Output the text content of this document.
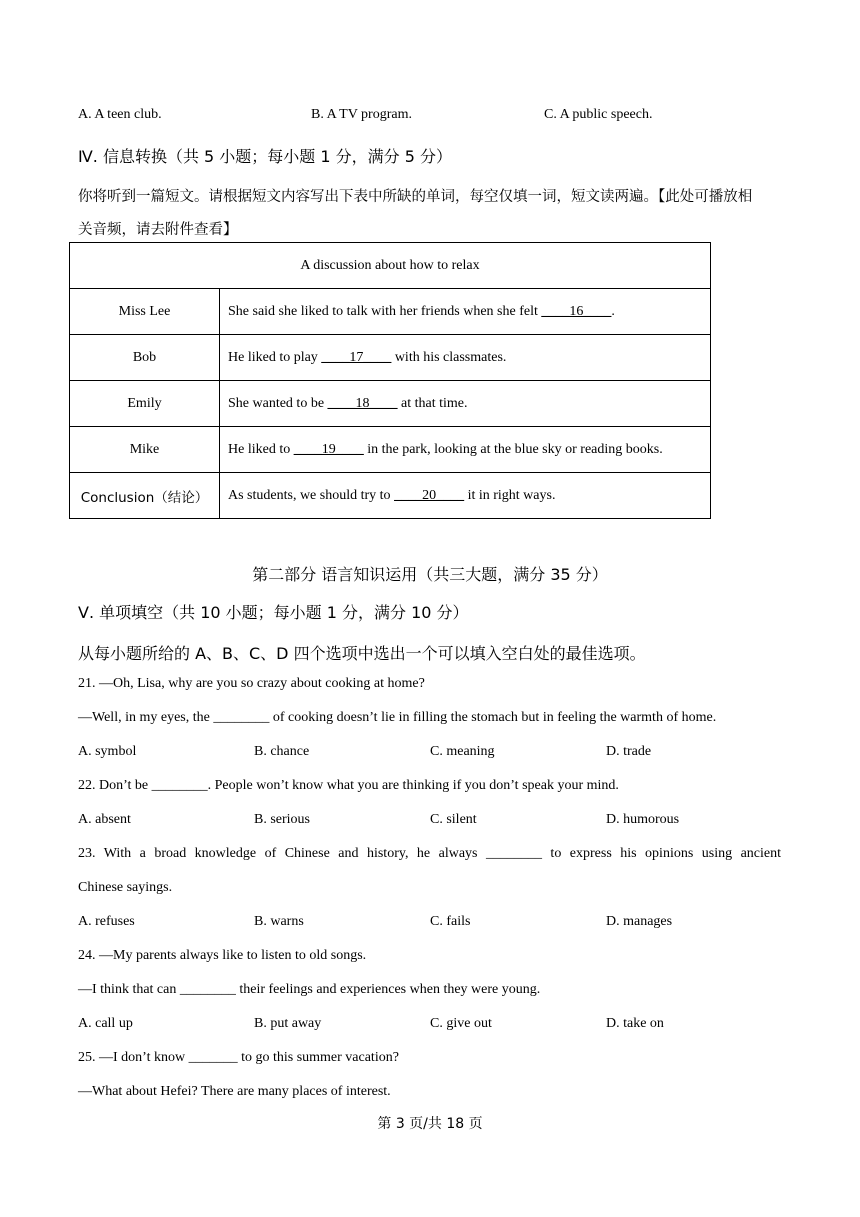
A. A teen club.	B. A TV program.	C. A public speech.
Ⅳ. 信息转换（共 5 小题；每小题 1 分，满分 5 分）
你将听到一篇短文。请根据短文内容写出下表中所缺的单词，每空仅填一词，短文读两遍。【此处可播放相
关音频，请去附件查看】
A discussion about how to relax	
Miss Lee	She said she liked to talk with her friends when she felt ____16____.
Bob	He liked to play ____17____ with his classmates.
Emily	She wanted to be ____18____ at that time.
Mike	He liked to ____19____ in the park, looking at the blue sky or reading books.
Conclusion（结论）	As students, we should try to ____20____ it in right ways.
第二部分 语言知识运用（共三大题，满分 35 分）
Ⅴ. 单项填空（共 10 小题；每小题 1 分，满分 10 分）
从每小题所给的 A、B、C、D 四个选项中选出一个可以填入空白处的最佳选项。
21. —Oh, Lisa, why are you so crazy about cooking at home?
—Well, in my eyes, the ________ of cooking doesn’t lie in filling the stomach but in feeling the warmth of home.
A. symbol	B. chance	C. meaning	D. trade
22. Don’t be ________. People won’t know what you are thinking if you don’t speak your mind.
A. absent	B. serious	C. silent	D. humorous
23. With a broad knowledge of Chinese and history, he always ________ to express his opinions using ancient
Chinese sayings.
A. refuses	B. warns	C. fails	D. manages
24. —My parents always like to listen to old songs.
—I think that can ________ their feelings and experiences when they were young.
A. call up	B. put away	C. give out	D. take on
25. —I don’t know _______ to go this summer vacation?
—What about Hefei? There are many places of interest.
第 3 页/共 18 页
